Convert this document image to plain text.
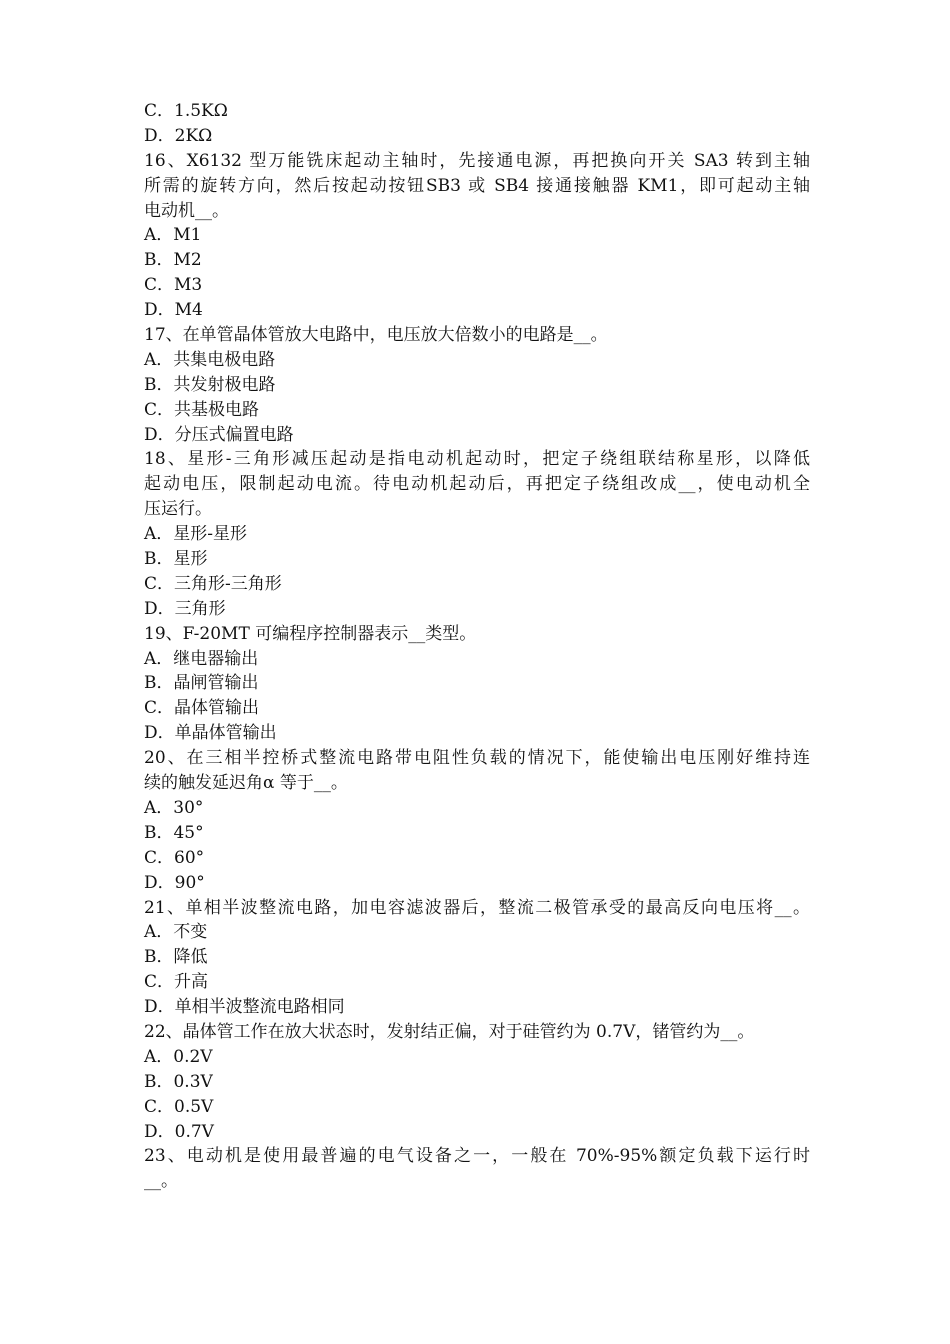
C．1.5KΩ
D．2KΩ
16、X6132 型万能铣床起动主轴时，先接通电源，再把换向开关 SA3 转到主轴
所需的旋转方向，然后按起动按钮SB3 或 SB4 接通接触器 KM1，即可起动主轴
电动机__。
A．M1
B．M2
C．M3
D．M4
17、在单管晶体管放大电路中，电压放大倍数小的电路是__。
A．共集电极电路
B．共发射极电路
C．共基极电路
D．分压式偏置电路
18、星形-三角形减压起动是指电动机起动时，把定子绕组联结称星形，以降低
起动电压，限制起动电流。待电动机起动后，再把定子绕组改成__，使电动机全
压运行。
A．星形-星形
B．星形
C．三角形-三角形
D．三角形
19、F-20MT 可编程序控制器表示__类型。
A．继电器输出
B．晶闸管输出
C．晶体管输出
D．单晶体管输出
20、在三相半控桥式整流电路带电阻性负载的情况下，能使输出电压刚好维持连
续的触发延迟角α 等于__。
A．30°
B．45°
C．60°
D．90°
21、单相半波整流电路，加电容滤波器后，整流二极管承受的最高反向电压将__。
A．不变
B．降低
C．升高
D．单相半波整流电路相同
22、晶体管工作在放大状态时，发射结正偏，对于硅管约为 0.7V，锗管约为__。
A．0.2V
B．0.3V
C．0.5V
D．0.7V
23、电动机是使用最普遍的电气设备之一，一般在 70%-95%额定负载下运行时
__。
